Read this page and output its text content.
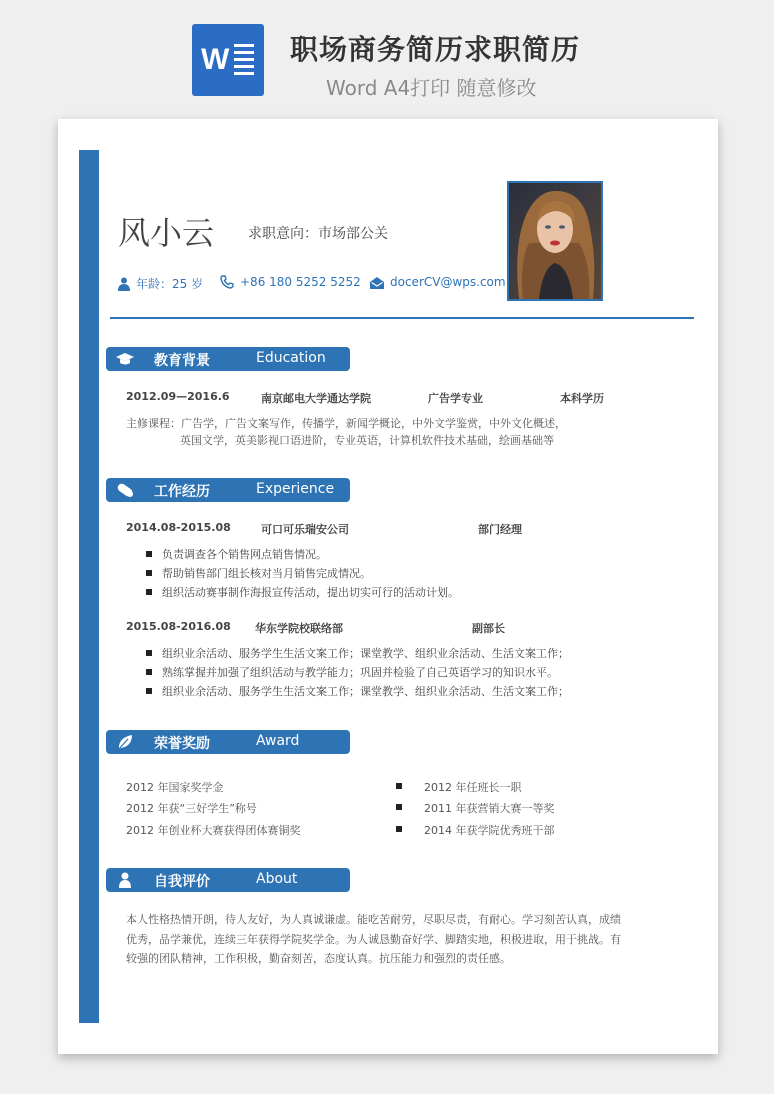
W 职场商务简历求职简历
Word A4打印 随意修改
风小云 求职意向：市场部公关
年龄：25 岁	+86 180 5252 5252	docerCV@wps.com
教育背景	Education
2012.09—2016.6	南京邮电大学通达学院	广告学专业	本科学历
主修课程：广告学，广告文案写作，传播学，新闻学概论，中外文学鉴赏，中外文化概述，
英国文学，英美影视口语进阶，专业英语，计算机软件技术基础，绘画基础等
工作经历	Experience
2014.08-2015.08	可口可乐瑞安公司	部门经理
负责调查各个销售网点销售情况。
帮助销售部门组长核对当月销售完成情况。
组织活动赛事制作海报宣传活动，提出切实可行的活动计划。
2015.08-2016.08 华东学院校联络部	副部长
组织业余活动、服务学生生活文案工作；课堂教学、组织业余活动、生活文案工作；
熟练掌握并加强了组织活动与教学能力；巩固并检验了自己英语学习的知识水平。
组织业余活动、服务学生生活文案工作；课堂教学、组织业余活动、生活文案工作；
荣誉奖励	Award
2012 年国家奖学金
2012 年获“三好学生”称号
2012 年创业杯大赛获得团体赛铜奖
2012 年任班长一职
2011 年获营销大赛一等奖
2014 年获学院优秀班干部
自我评价	About
本人性格热情开朗，待人友好，为人真诚谦虚。能吃苦耐劳，尽职尽责，有耐心。学习刻苦认真，成绩
优秀，品学兼优，连续三年获得学院奖学金。为人诚恳勤奋好学、脚踏实地，积极进取，用于挑战。有
较强的团队精神，工作积极，勤奋刻苦，态度认真。抗压能力和强烈的责任感。
